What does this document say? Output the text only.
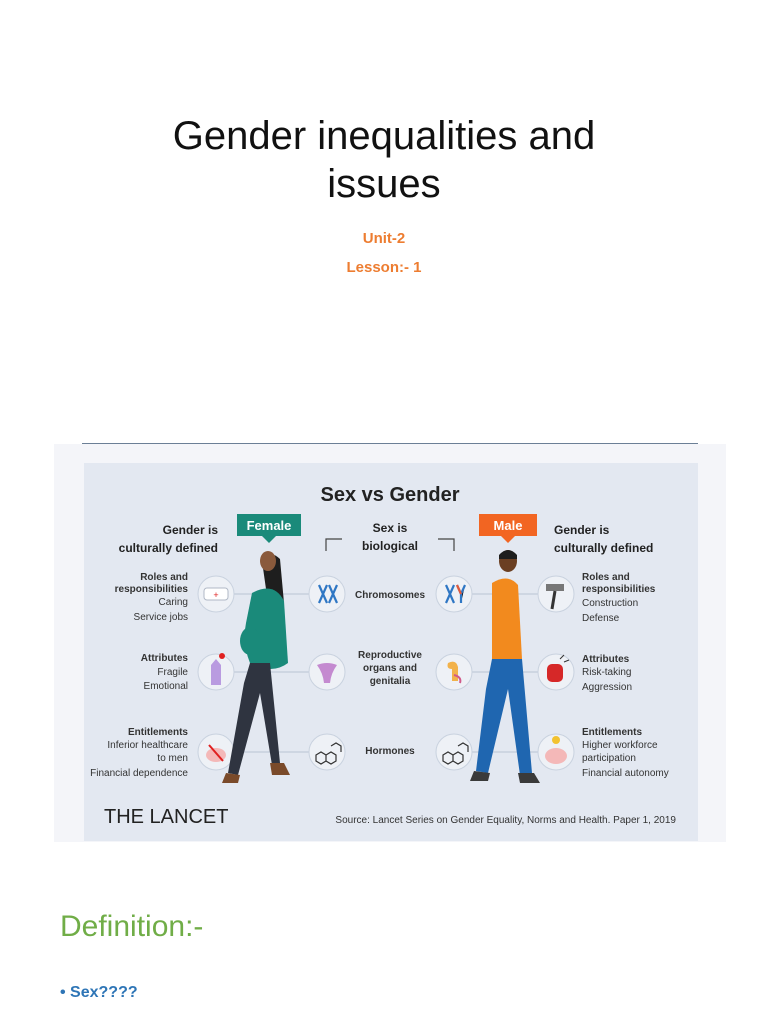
Gender inequalities and
issues
Unit-2
Lesson:- 1
Sex vs Gender
Female	Male
Gender is
culturally defined
Gender is
culturally defined
Sex is
biological
Roles and
responsibilities
Caring
Service jobs
Attributes
Fragile
Emotional
Entitlements
Inferior healthcare
to men
Financial dependence
Roles and
responsibilities
Construction
Defense
Attributes
Risk-taking
Aggression
Entitlements
Higher workforce
participation
Financial autonomy
Chromosomes
Reproductive
organs and
genitalia
Hormones
+
THE LANCET	Source: Lancet Series on Gender Equality, Norms and Health. Paper 1, 2019
Definition:-
• Sex????
